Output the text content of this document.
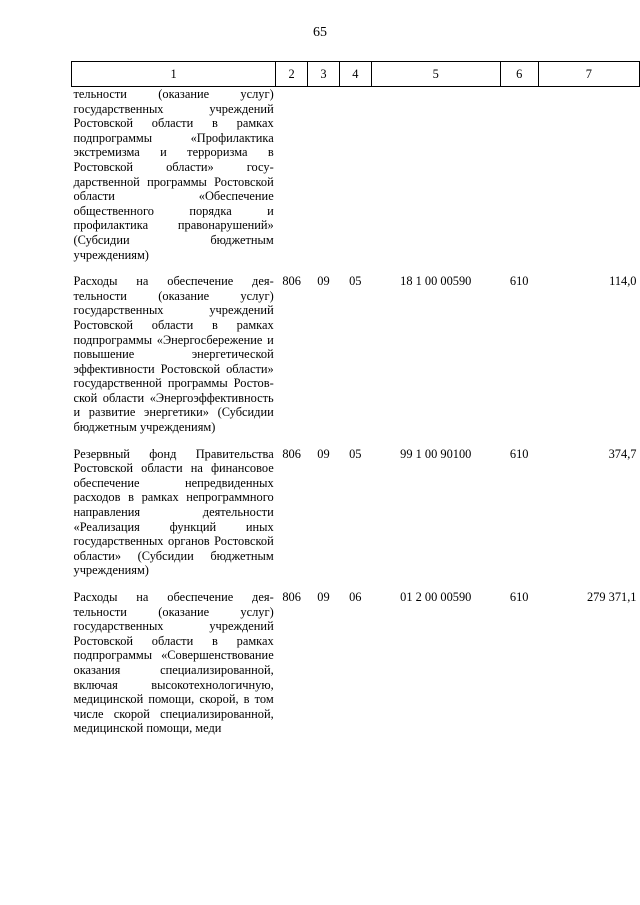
65
1	2	3	4	5	6	7
тельности (оказание услуг) государственных учреждений Ростовской области в рамках подпрограммы «Профилактика экстремизма и терроризма в Ростовской области» государственной программы Ростовской области «Обеспечение общественного порядка и профилактика правонарушений» (Субсидии бюджетным учреждениям)						
Расходы на обеспечение деятельности (оказание услуг) государственных учреждений Ростовской области в рамках подпрограммы «Энергосбережение и повышение энергетической эффективности Ростовской области» государственной программы Ростовской области «Энергоэффективность и развитие энергетики» (Субсидии бюджетным учреждениям)	806	09	05	18 1 00 00590	610	114,0
Резервный фонд Правительства Ростовской области на финансовое обеспечение непредвиденных расходов в рамках непрограммного направления деятельности «Реализация функций иных государственных органов Ростовской области» (Субсидии бюджетным учреждениям)	806	09	05	99 1 00 90100	610	374,7
Расходы на обеспечение деятельности (оказание услуг) государственных учреждений Ростовской области в рамках подпрограммы «Совершенствование оказания специализированной, включая высокотехнологичную, медицинской помощи, скорой, в том числе скорой специализированной, медицинской помощи, меди	806	09	06	01 2 00 00590	610	279 371,1
